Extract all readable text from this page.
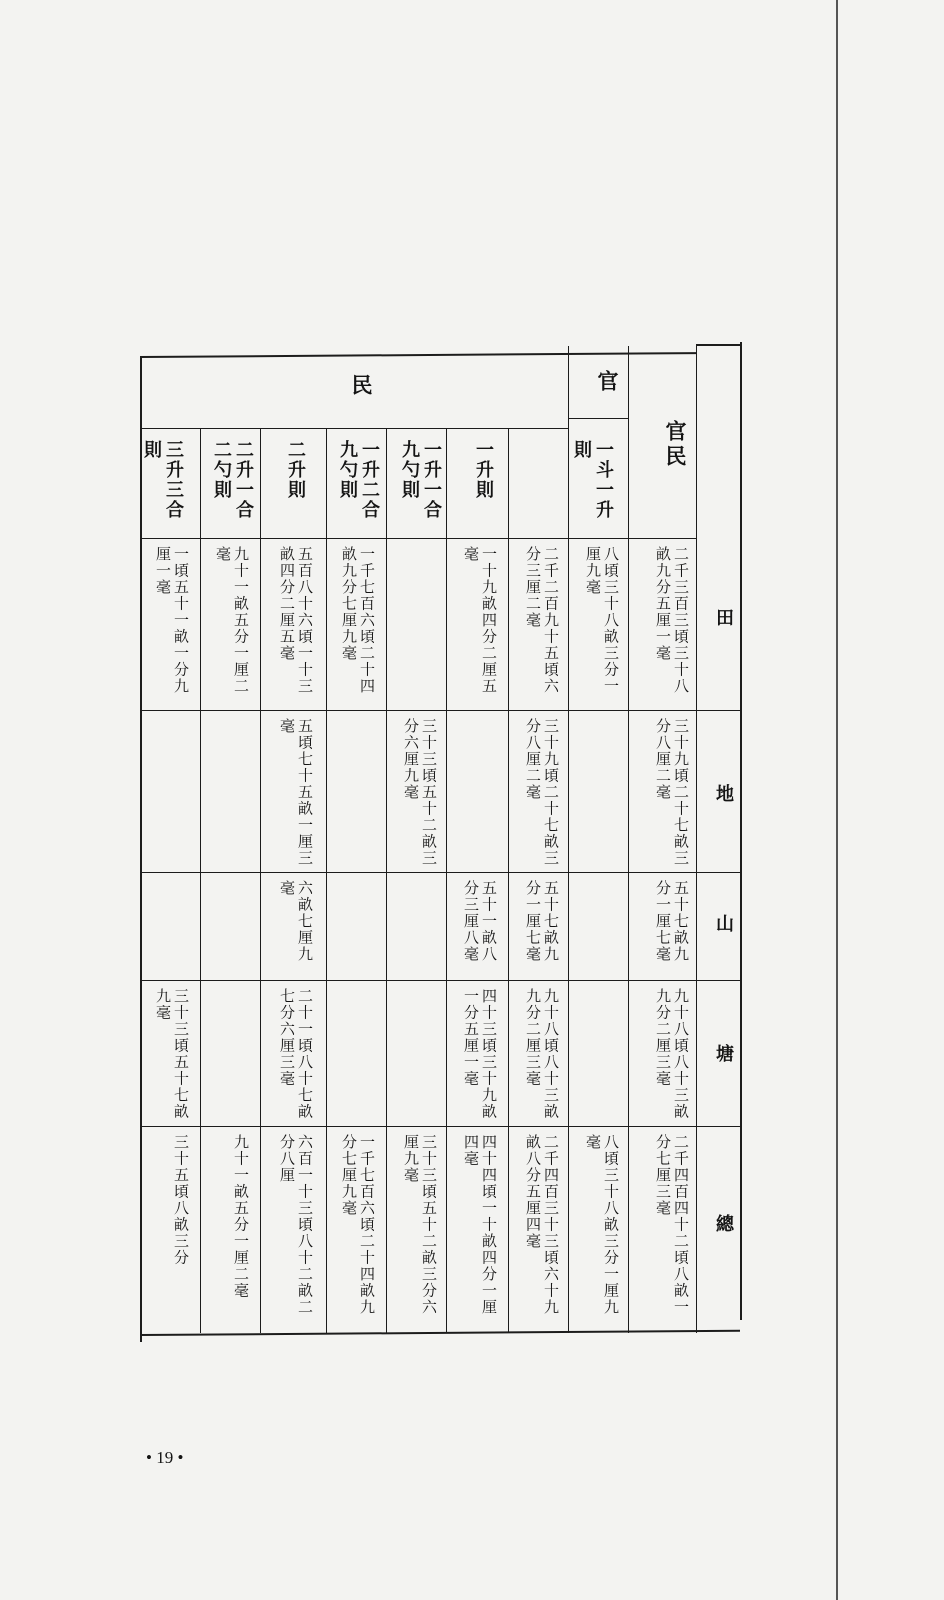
民	官
官民
田
地
山
塘
總
一斗一升則
一升則
一升一合九勺則
一升二合九勺則
二升則
二升一合二勺則
三升三合則
二千三百三頃三十八畝九分五厘一毫
三十九頃二十七畝三分八厘二毫
五十七畝九分一厘七毫
九十八頃八十三畝九分二厘三毫
二千四百四十二頃八畝一分七厘三毫
八頃三十八畝三分一厘九毫
八頃三十八畝三分一厘九毫
二千二百九十五頃六分三厘二毫
三十九頃二十七畝三分八厘二毫
五十七畝九分一厘七毫
九十八頃八十三畝九分二厘三毫
二千四百三十三頃六十九畝八分五厘四毫
一十九畝四分二厘五毫
五十一畝八分三厘八毫
四十三頃三十九畝一分五厘一毫
四十四頃一十畝四分一厘四毫
三十三頃五十二畝三分六厘九毫
三十三頃五十二畝三分六厘九毫
一千七百六頃二十四畝九分七厘九毫
一千七百六頃二十四畝九分七厘九毫
五百八十六頃一十三畝四分二厘五毫
五頃七十五畝一厘三毫
六畝七厘九毫
二十一頃八十七畝七分六厘三毫
六百一十三頃八十二畝二分八厘
九十一畝五分一厘二毫
九十一畝五分一厘二毫
一頃五十一畝一分九厘一毫
三十三頃五十七畝九毫
三十五頃八畝三分
• 19 •
